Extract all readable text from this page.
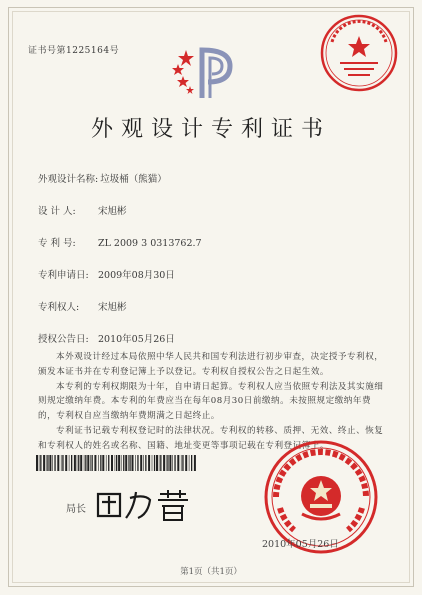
证书号第1225164号
外观设计专利证书
外观设计名称: 垃圾桶（熊猫）
设 计 人: 宋旭彬
专 利 号: ZL 2009 3 0313762.7
专利申请日: 2009年08月30日
专利权人: 宋旭彬
授权公告日: 2010年05月26日

本外观设计经过本局依照中华人民共和国专利法进行初步审查，决定授予专利权，颁发本证书并在专利登记簿上予以登记。专利权自授权公告之日起生效。

本专利的专利权期限为十年，自申请日起算。专利权人应当依照专利法及其实施细则规定缴纳年费。本专利的年费应当在每年08月30日前缴纳。未按照规定缴纳年费的，专利权自应当缴纳年费期满之日起终止。

专利证书记载专利权登记时的法律状况。专利权的转移、质押、无效、终止、恢复和专利权人的姓名或名称、国籍、地址变更等事项记载在专利登记簿上。

局长
2010年05月26日
第1页（共1页）
